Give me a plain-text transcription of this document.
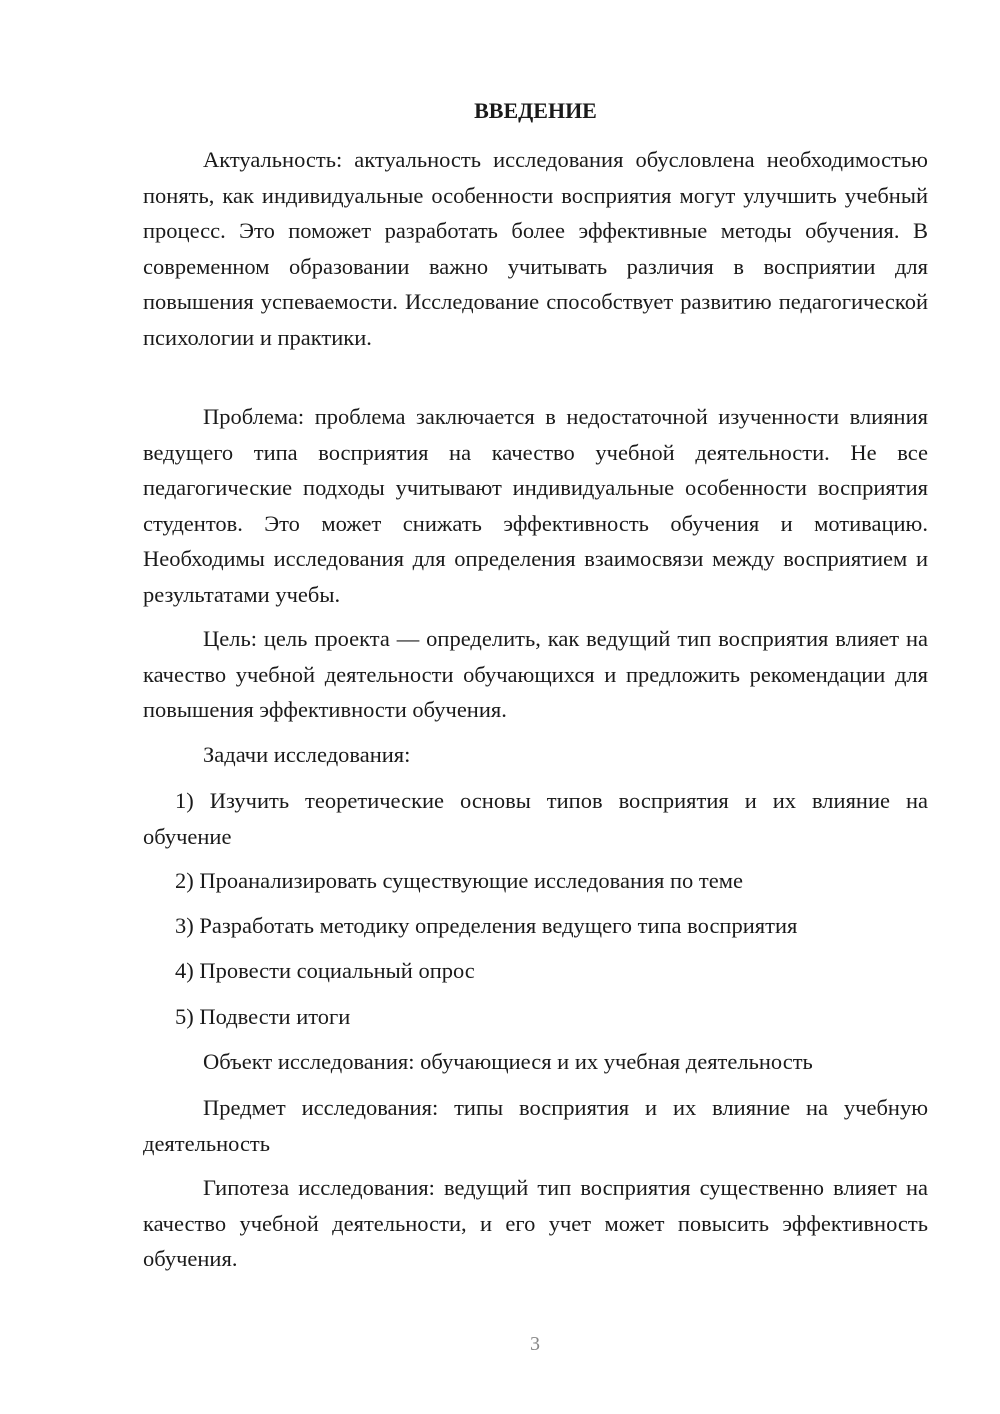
ВВЕДЕНИЕ

Актуальность: актуальность исследования обусловлена необходимостью понять, как индивидуальные особенности восприятия могут улучшить учебный процесс. Это поможет разработать более эффективные методы обучения. В современном образовании важно учитывать различия в восприятии для повышения успеваемости. Исследование способствует развитию педагогической психологии и практики.

Проблема: проблема заключается в недостаточной изученности влияния ведущего типа восприятия на качество учебной деятельности. Не все педагогические подходы учитывают индивидуальные особенности восприятия студентов. Это может снижать эффективность обучения и мотивацию. Необходимы исследования для определения взаимосвязи между восприятием и результатами учебы.

Цель: цель проекта — определить, как ведущий тип восприятия влияет на качество учебной деятельности обучающихся и предложить рекомендации для повышения эффективности обучения.

Задачи исследования:

1) Изучить теоретические основы типов восприятия и их влияние на обучение

2) Проанализировать существующие исследования по теме

3) Разработать методику определения ведущего типа восприятия

4) Провести социальный опрос

5) Подвести итоги

Объект исследования: обучающиеся и их учебная деятельность

Предмет исследования: типы восприятия и их влияние на учебную деятельность

Гипотеза исследования: ведущий тип восприятия существенно влияет на качество учебной деятельности, и его учет может повысить эффективность обучения.

3
